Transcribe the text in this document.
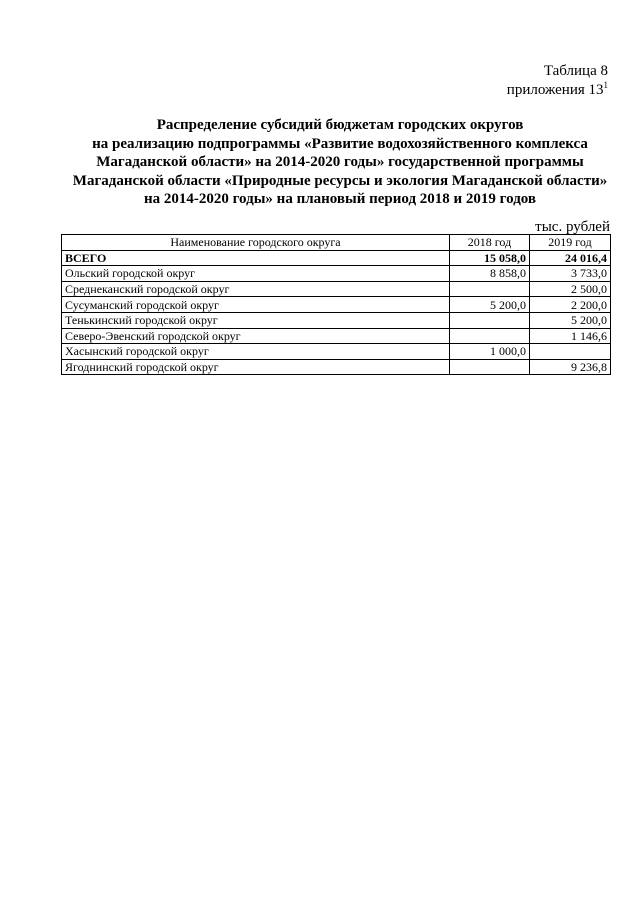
Таблица 8
приложения $13^1$
Распределение субсидий бюджетам городских округов
на реализацию подпрограммы «Развитие водохозяйственного комплекса
Магаданской области» на 2014-2020 годы» государственной программы
Магаданской области «Природные ресурсы и экология Магаданской области»
на 2014-2020 годы» на плановый период 2018 и 2019 годов
тыс. рублей
Наименование городского округа	2018 год	2019 год
ВСЕГО	15 058,0	24 016,4
Ольский городской округ	8 858,0	3 733,0
Среднеканский городской округ		2 500,0
Сусуманский городской округ	5 200,0	2 200,0
Тенькинский городской округ		5 200,0
Северо-Эвенский городской округ		1 146,6
Хасынский городской округ	1 000,0	
Ягоднинский городской округ		9 236,8
